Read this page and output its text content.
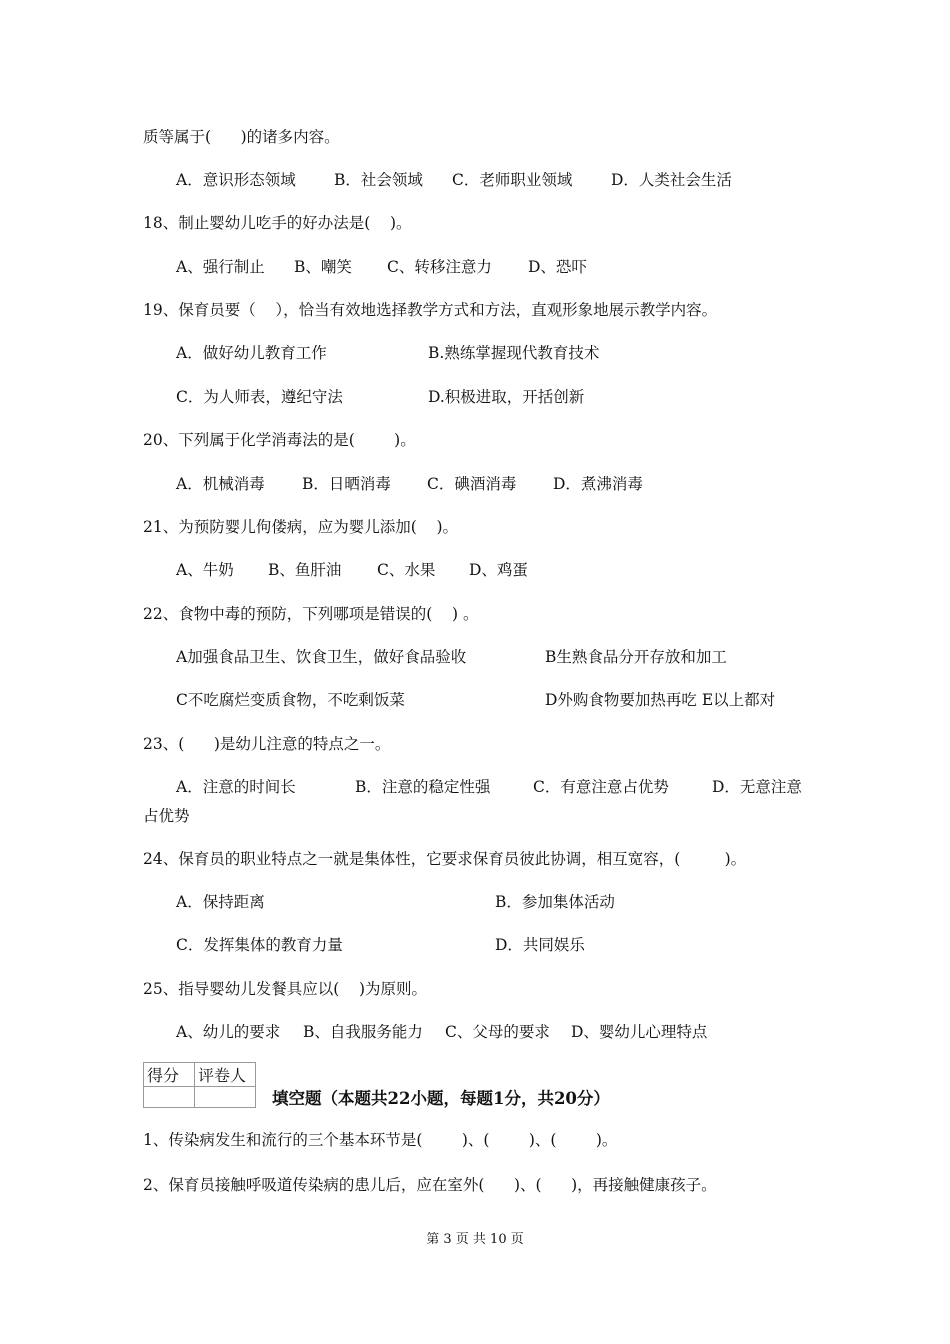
质等属于(      )的诸多内容。
A．意识形态领域 B．社会领域 C．老师职业领域 D．人类社会生活
18、制止婴幼儿吃手的好办法是(    )。
A、强行制止 B、嘲笑 C、转移注意力 D、恐吓
19、保育员要（    ），恰当有效地选择教学方式和方法，直观形象地展示教学内容。
A．做好幼儿教育工作	B.熟练掌握现代教育技术
C．为人师表，遵纪守法	D.积极进取，开括创新
20、下列属于化学消毒法的是(        )。
A．机械消毒 B．日晒消毒 C．碘酒消毒 D．煮沸消毒
21、为预防婴儿佝偻病，应为婴儿添加(    )。
A、牛奶 B、鱼肝油 C、水果 D、鸡蛋
22、食物中毒的预防，下列哪项是错误的(    ) 。
A加强食品卫生、饮食卫生，做好食品验收	B生熟食品分开存放和加工
C不吃腐烂变质食物，不吃剩饭菜	D外购食物要加热再吃 E以上都对
23、(      )是幼儿注意的特点之一。
A．注意的时间长	B．注意的稳定性强	C．有意注意占优势	D．无意注意
占优势
24、保育员的职业特点之一就是集体性，它要求保育员彼此协调，相互宽容，(         )。
A．保持距离	B．参加集体活动
C．发挥集体的教育力量	D．共同娱乐
25、指导婴幼儿发餐具应以(    )为原则。
A、幼儿的要求 B、自我服务能力 C、父母的要求 D、婴幼儿心理特点
得分	评卷人

填空题（本题共22小题，每题1分，共20分）
1、传染病发生和流行的三个基本环节是(        )、(        )、(        )。
2、保育员接触呼吸道传染病的患儿后，应在室外(      )、(      )，再接触健康孩子。
第 3 页 共 10 页
